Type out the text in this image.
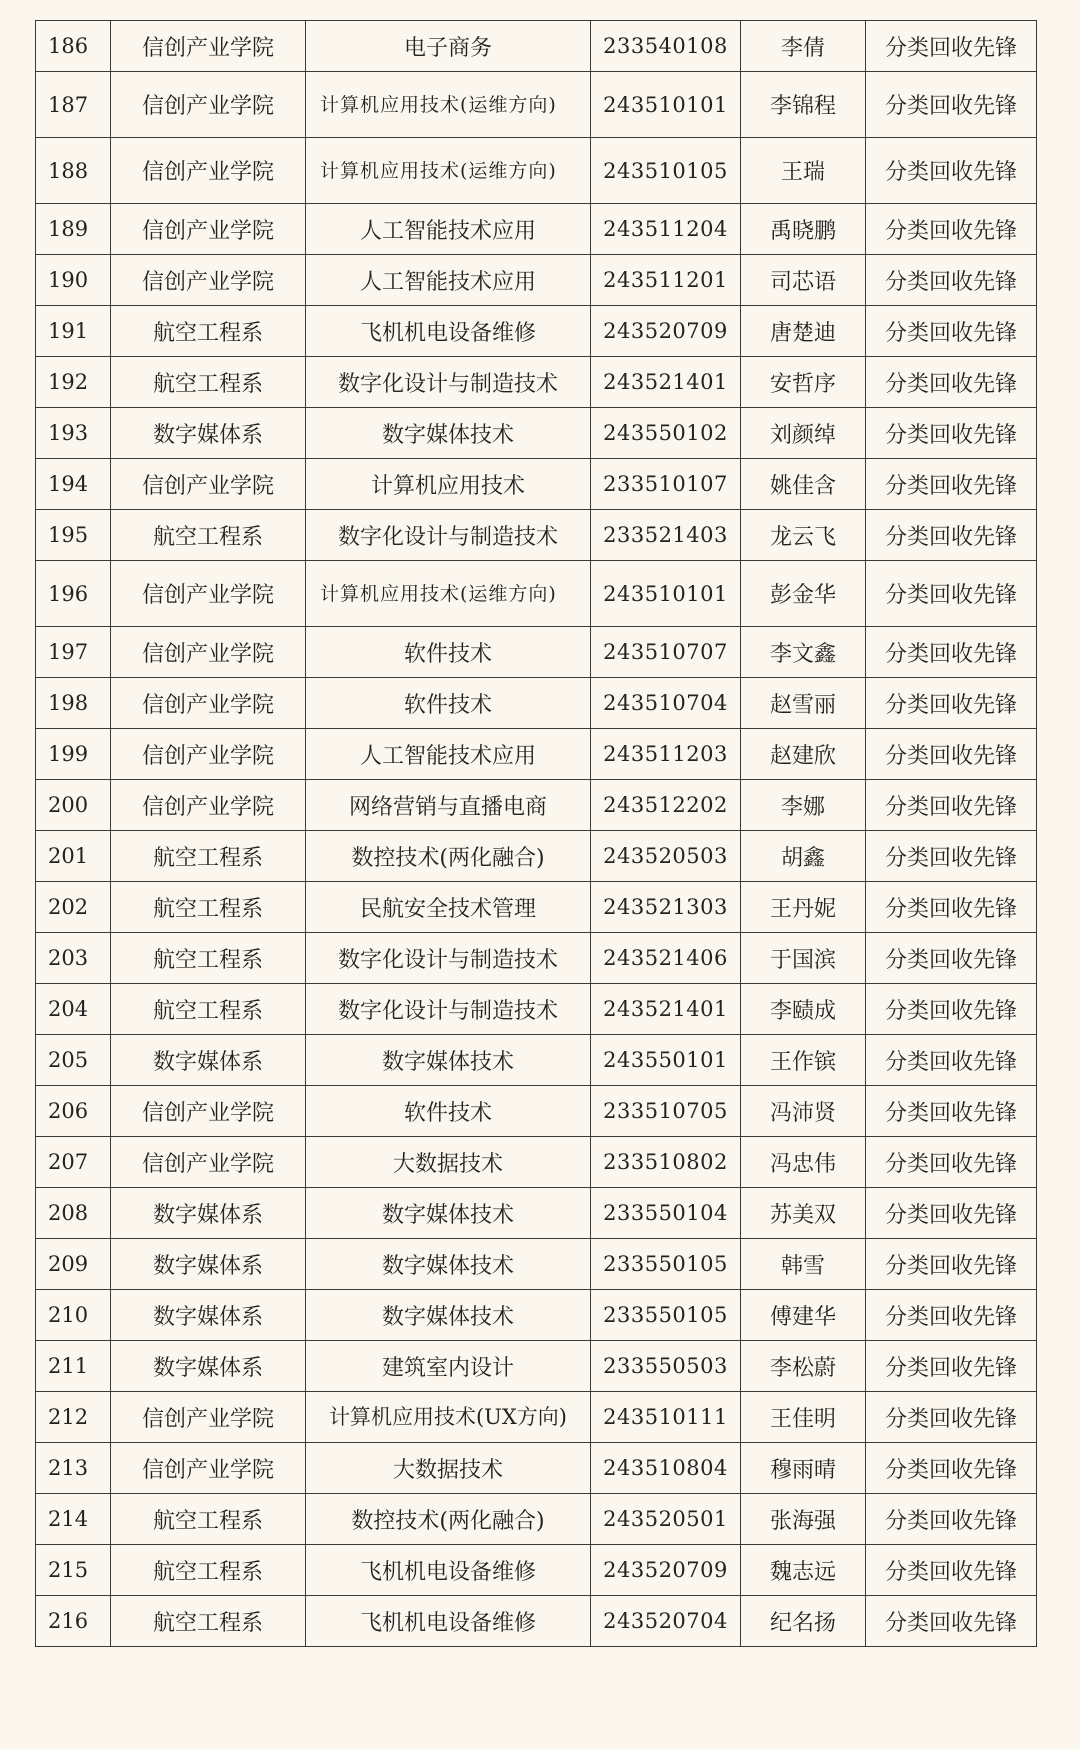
186	信创产业学院	电子商务	233540108	李倩	分类回收先锋
187	信创产业学院	计算机应用技术(运维方向)	243510101	李锦程	分类回收先锋
188	信创产业学院	计算机应用技术(运维方向)	243510105	王瑞	分类回收先锋
189	信创产业学院	人工智能技术应用	243511204	禹晓鹏	分类回收先锋
190	信创产业学院	人工智能技术应用	243511201	司芯语	分类回收先锋
191	航空工程系	飞机机电设备维修	243520709	唐楚迪	分类回收先锋
192	航空工程系	数字化设计与制造技术	243521401	安哲序	分类回收先锋
193	数字媒体系	数字媒体技术	243550102	刘颜绰	分类回收先锋
194	信创产业学院	计算机应用技术	233510107	姚佳含	分类回收先锋
195	航空工程系	数字化设计与制造技术	233521403	龙云飞	分类回收先锋
196	信创产业学院	计算机应用技术(运维方向)	243510101	彭金华	分类回收先锋
197	信创产业学院	软件技术	243510707	李文鑫	分类回收先锋
198	信创产业学院	软件技术	243510704	赵雪丽	分类回收先锋
199	信创产业学院	人工智能技术应用	243511203	赵建欣	分类回收先锋
200	信创产业学院	网络营销与直播电商	243512202	李娜	分类回收先锋
201	航空工程系	数控技术(两化融合)	243520503	胡鑫	分类回收先锋
202	航空工程系	民航安全技术管理	243521303	王丹妮	分类回收先锋
203	航空工程系	数字化设计与制造技术	243521406	于国滨	分类回收先锋
204	航空工程系	数字化设计与制造技术	243521401	李赜成	分类回收先锋
205	数字媒体系	数字媒体技术	243550101	王作镔	分类回收先锋
206	信创产业学院	软件技术	233510705	冯沛贤	分类回收先锋
207	信创产业学院	大数据技术	233510802	冯忠伟	分类回收先锋
208	数字媒体系	数字媒体技术	233550104	苏美双	分类回收先锋
209	数字媒体系	数字媒体技术	233550105	韩雪	分类回收先锋
210	数字媒体系	数字媒体技术	233550105	傅建华	分类回收先锋
211	数字媒体系	建筑室内设计	233550503	李松蔚	分类回收先锋
212	信创产业学院	计算机应用技术(UX方向)	243510111	王佳明	分类回收先锋
213	信创产业学院	大数据技术	243510804	穆雨晴	分类回收先锋
214	航空工程系	数控技术(两化融合)	243520501	张海强	分类回收先锋
215	航空工程系	飞机机电设备维修	243520709	魏志远	分类回收先锋
216	航空工程系	飞机机电设备维修	243520704	纪名扬	分类回收先锋
